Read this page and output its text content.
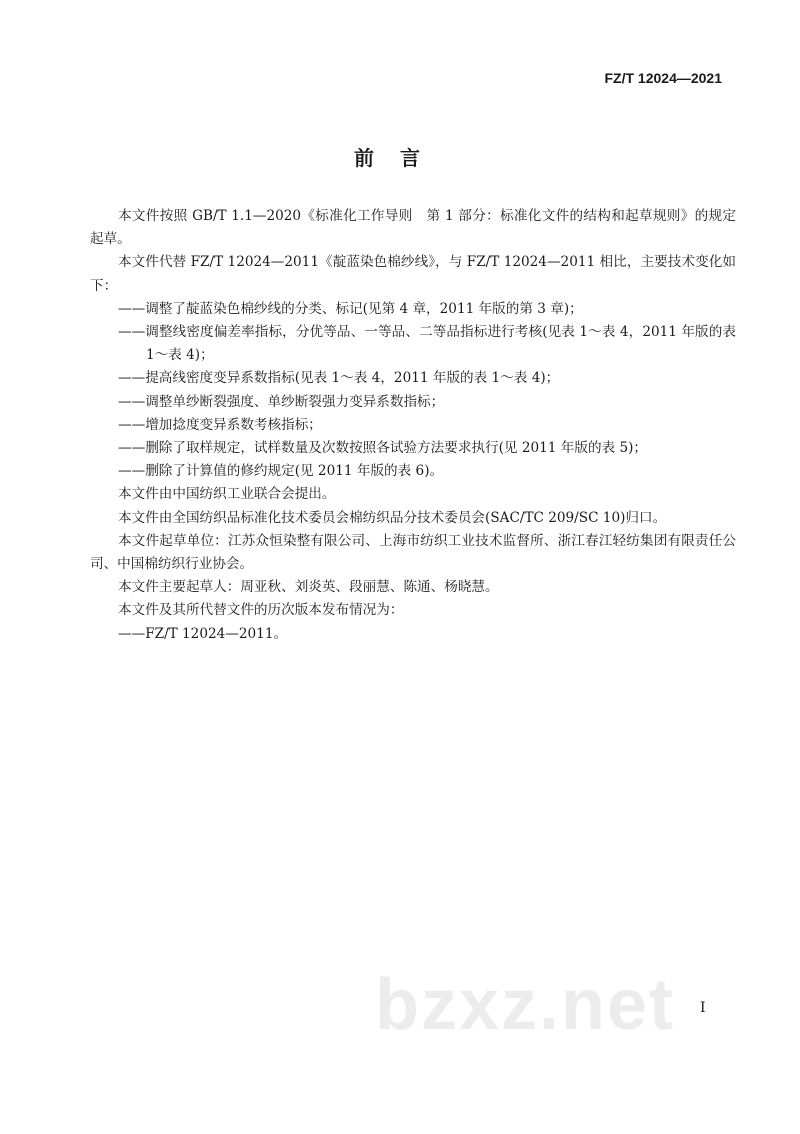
FZ/T 12024—2021
前言

本文件按照 GB/T 1.1—2020《标准化工作导则　第 1 部分：标准化文件的结构和起草规则》的规定起草。

本文件代替 FZ/T 12024—2011《靛蓝染色棉纱线》，与 FZ/T 12024—2011 相比，主要技术变化如下：

——调整了靛蓝染色棉纱线的分类、标记(见第 4 章，2011 年版的第 3 章)；
——调整线密度偏差率指标，分优等品、一等品、二等品指标进行考核(见表 1～表 4，2011 年版的表 1～表 4)；
——提高线密度变异系数指标(见表 1～表 4，2011 年版的表 1～表 4)；
——调整单纱断裂强度、单纱断裂强力变异系数指标；
——增加捻度变异系数考核指标；
——删除了取样规定，试样数量及次数按照各试验方法要求执行(见 2011 年版的表 5)；
——删除了计算值的修约规定(见 2011 年版的表 6)。

本文件由中国纺织工业联合会提出。

本文件由全国纺织品标准化技术委员会棉纺织品分技术委员会(SAC/TC 209/SC 10)归口。

本文件起草单位：江苏众恒染整有限公司、上海市纺织工业技术监督所、浙江春江轻纺集团有限责任公司、中国棉纺织行业协会。

本文件主要起草人：周亚秋、刘炎英、段丽慧、陈通、杨晓慧。

本文件及其所代替文件的历次版本发布情况为：

——FZ/T 12024—2011。
bzxz.net	I
